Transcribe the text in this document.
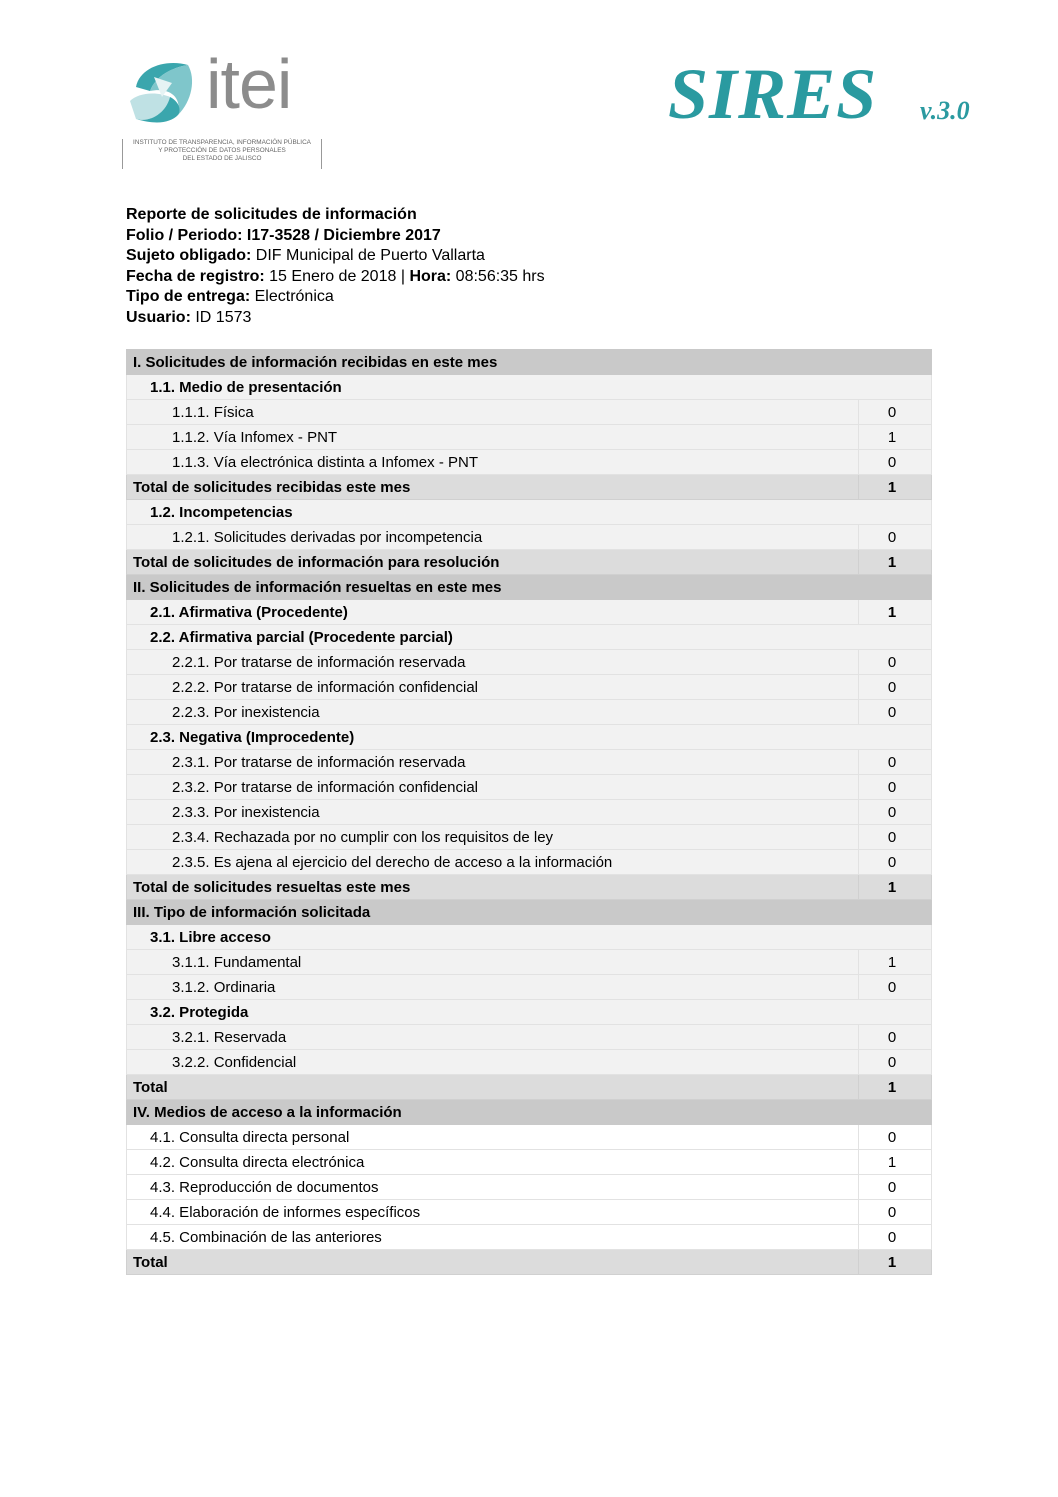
itei
INSTITUTO DE TRANSPARENCIA, INFORMACIÓN PÚBLICA
Y PROTECCIÓN DE DATOS PERSONALES
DEL ESTADO DE JALISCO
SIRES v.3.0
Reporte de solicitudes de información
Folio / Periodo: I17-3528 / Diciembre 2017
Sujeto obligado: DIF Municipal de Puerto Vallarta
Fecha de registro: 15 Enero de 2018 | Hora: 08:56:35 hrs
Tipo de entrega: Electrónica
Usuario: ID 1573
I. Solicitudes de información recibidas en este mes	
1.1. Medio de presentación	
1.1.1. Física	0
1.1.2. Vía Infomex - PNT	1
1.1.3. Vía electrónica distinta a Infomex - PNT	0
Total de solicitudes recibidas este mes	1
1.2. Incompetencias	
1.2.1. Solicitudes derivadas por incompetencia	0
Total de solicitudes de información para resolución	1
II. Solicitudes de información resueltas en este mes	
2.1. Afirmativa (Procedente)	1
2.2. Afirmativa parcial (Procedente parcial)	
2.2.1. Por tratarse de información reservada	0
2.2.2. Por tratarse de información confidencial	0
2.2.3. Por inexistencia	0
2.3. Negativa (Improcedente)	
2.3.1. Por tratarse de información reservada	0
2.3.2. Por tratarse de información confidencial	0
2.3.3. Por inexistencia	0
2.3.4. Rechazada por no cumplir con los requisitos de ley	0
2.3.5. Es ajena al ejercicio del derecho de acceso a la información	0
Total de solicitudes resueltas este mes	1
III. Tipo de información solicitada	
3.1. Libre acceso	
3.1.1. Fundamental	1
3.1.2. Ordinaria	0
3.2. Protegida	
3.2.1. Reservada	0
3.2.2. Confidencial	0
Total	1
IV. Medios de acceso a la información	
4.1. Consulta directa personal	0
4.2. Consulta directa electrónica	1
4.3. Reproducción de documentos	0
4.4. Elaboración de informes específicos	0
4.5. Combinación de las anteriores	0
Total	1
